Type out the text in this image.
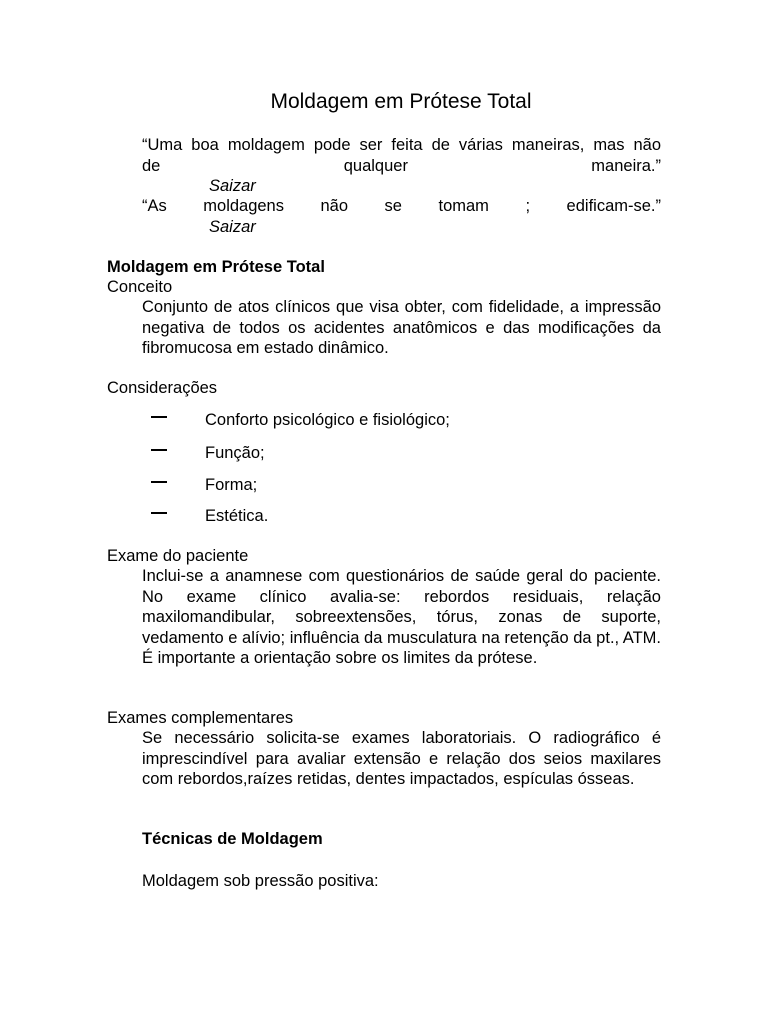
Moldagem em Prótese Total
“Uma boa moldagem pode ser feita de várias maneiras, mas não
de qualquer maneira.”
Saizar
“As moldagens não se tomam ; edificam-se.”
Saizar
Moldagem em Prótese Total
Conceito
Conjunto de atos clínicos que visa obter, com fidelidade, a impressão negativa de todos os acidentes anatômicos e das modificações da fibromucosa em estado dinâmico.
Considerações
Conforto psicológico e fisiológico;
Função;
Forma;
Estética.
Exame do paciente
Inclui-se a anamnese com questionários de saúde geral do paciente. No exame clínico avalia-se: rebordos residuais, relação maxilomandibular, sobreextensões, tórus, zonas de suporte, vedamento e alívio; influência da musculatura na retenção da pt., ATM. É importante a orientação sobre os limites da prótese.
Exames complementares
Se necessário solicita-se exames laboratoriais. O radiográfico é imprescindível para avaliar extensão e relação dos seios maxilares com rebordos,raízes retidas, dentes impactados, espículas ósseas.
Técnicas de Moldagem
Moldagem sob pressão positiva:
